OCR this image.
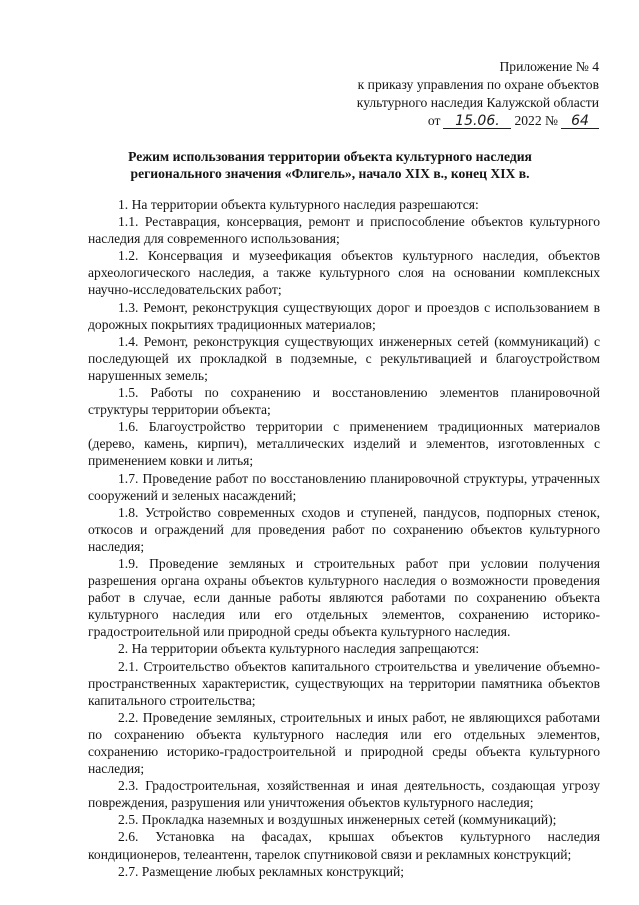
Приложение № 4
к приказу управления по охране объектов
культурного наследия Калужской области
от	15.06.	2022 № 64
Режим использования территории объекта культурного наследия
регионального значения «Флигель», начало XIX в., конец XIX в.

1. На территории объекта культурного наследия разрешаются:

1.1. Реставрация, консервация, ремонт и приспособление объектов культурного наследия для современного использования;

1.2. Консервация и музеефикация объектов культурного наследия, объектов археологического наследия, а также культурного слоя на основании комплексных научно-исследовательских работ;

1.3. Ремонт, реконструкция существующих дорог и проездов с использованием в дорожных покрытиях традиционных материалов;

1.4. Ремонт, реконструкция существующих инженерных сетей (коммуникаций) с последующей их прокладкой в подземные, с рекультивацией и благоустройством нарушенных земель;

1.5. Работы по сохранению и восстановлению элементов планировочной структуры территории объекта;

1.6. Благоустройство территории с применением традиционных материалов (дерево, камень, кирпич), металлических изделий и элементов, изготовленных с применением ковки и литья;

1.7. Проведение работ по восстановлению планировочной структуры, утраченных сооружений и зеленых насаждений;

1.8. Устройство современных сходов и ступеней, пандусов, подпорных стенок, откосов и ограждений для проведения работ по сохранению объектов культурного наследия;

1.9. Проведение земляных и строительных работ при условии получения разрешения органа охраны объектов культурного наследия о возможности проведения работ в случае, если данные работы являются работами по сохранению объекта культурного наследия или его отдельных элементов, сохранению историко-градостроительной или природной среды объекта культурного наследия.

2. На территории объекта культурного наследия запрещаются:

2.1. Строительство объектов капитального строительства и увеличение объемно-пространственных характеристик, существующих на территории памятника объектов капитального строительства;

2.2. Проведение земляных, строительных и иных работ, не являющихся работами по сохранению объекта культурного наследия или его отдельных элементов, сохранению историко-градостроительной и природной среды объекта культурного наследия;

2.3. Градостроительная, хозяйственная и иная деятельность, создающая угрозу повреждения, разрушения или уничтожения объектов культурного наследия;

2.5. Прокладка наземных и воздушных инженерных сетей (коммуникаций);

2.6. Установка на фасадах, крышах объектов культурного наследия кондиционеров, телеантенн, тарелок спутниковой связи и рекламных конструкций;

2.7. Размещение любых рекламных конструкций;
